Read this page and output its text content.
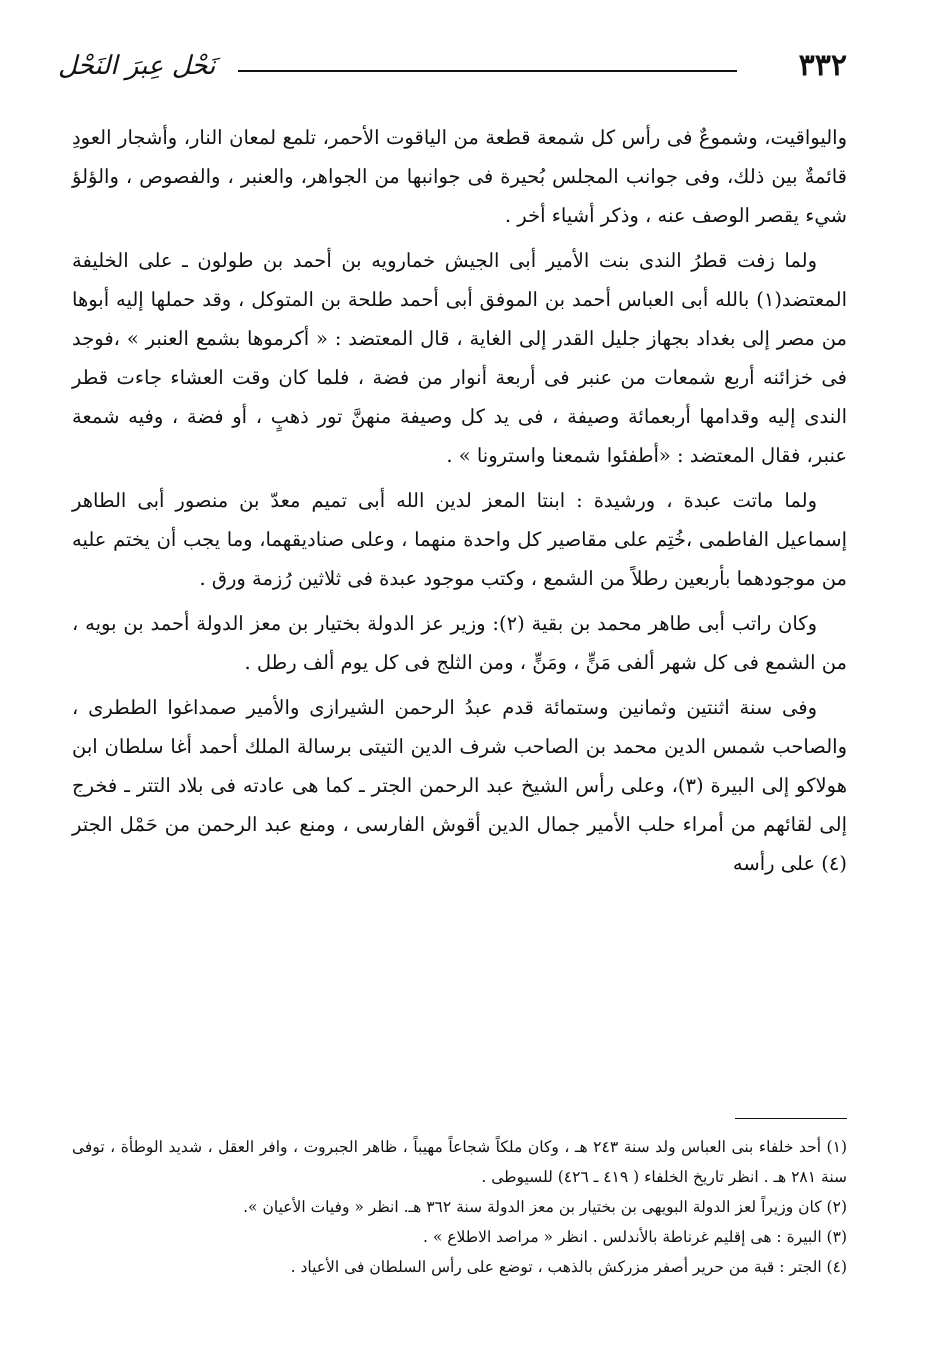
٣٣٢
نَحْل عِبرَ النَحْل

واليواقيت، وشموعٌ فى رأس كل شمعة قطعة من الياقوت الأحمر، تلمع لمعان النار، وأشجار العودِ قائمةٌ بين ذلك، وفى جوانب المجلس بُحيرة فى جوانبها من الجواهر، والعنبر ، والفصوص ، والؤلؤ شيء يقصر الوصف عنه ، وذكر أشياء أخر .

ولما زفت قطرُ الندى بنت الأمير أبى الجيش خمارويه بن أحمد بن طولون ـ على الخليفة المعتضد(١) بالله أبى العباس أحمد بن الموفق أبى أحمد طلحة بن المتوكل ، وقد حملها إليه أبوها من مصر إلى بغداد بجهاز جليل القدر إلى الغاية ، قال المعتضد : « أكرموها بشمع العنبر » ،فوجد فى خزائنه أربع شمعات من عنبر فى أربعة أنوار من فضة ، فلما كان وقت العشاء جاءت قطر الندى إليه وقدامها أربعمائة وصيفة ، فى يد كل وصيفة منهنَّ تور ذهبٍ ، أو فضة ، وفيه شمعة عنبر، فقال المعتضد : «أطفئوا شمعنا واسترونا » .

ولما ماتت عبدة ، ورشيدة : ابنتا المعز لدين الله أبى تميم معدّ بن منصور أبى الطاهر إسماعيل الفاطمى ،خُتِم على مقاصير كل واحدة منهما ، وعلى صناديقهما، وما يجب أن يختم عليه من موجودهما بأربعين رطلاً من الشمع ، وكتب موجود عبدة فى ثلاثين رُزمة ورق .

وكان راتب أبى طاهر محمد بن بقية (٢): وزير عز الدولة بختيار بن معز الدولة أحمد بن بويه ، من الشمع فى كل شهر ألفى مَنٍّ ، ومَنٍّ ، ومن الثلج فى كل يوم ألف رطل .

وفى سنة اثنتين وثمانين وستمائة قدم عبدُ الرحمن الشيرازى والأمير صمداغوا الططرى ، والصاحب شمس الدين محمد بن الصاحب شرف الدين التيتى برسالة الملك أحمد أغا سلطان ابن هولاكو إلى البيرة (٣)، وعلى رأس الشيخ عبد الرحمن الجتر ـ كما هى عادته فى بلاد التتر ـ فخرج إلى لقائهم من أمراء حلب الأمير جمال الدين أقوش الفارسى ، ومنع عبد الرحمن من حَمْل الجتر (٤) على رأسه

(١) أحد خلفاء بنى العباس ولد سنة ٢٤٣ هـ ، وكان ملكاً شجاعاً مهيباً ، ظاهر الجبروت ، وافر العقل ، شديد الوطأة ، توفى سنة ٢٨١ هـ . انظر تاريخ الخلفاء ( ٤١٩ ـ ٤٢٦) للسيوطى .

(٢) كان وزيراً لعز الدولة البويهى بن بختيار بن معز الدولة سنة ٣٦٢ هـ. انظر « وفيات الأعيان ».

(٣) البيرة : هى إقليم غرناطة بالأندلس . انظر « مراصد الاطلاع » .

(٤) الجتر : قبة من حرير أصفر مزركش بالذهب ، توضع على رأس السلطان فى الأعياد .
